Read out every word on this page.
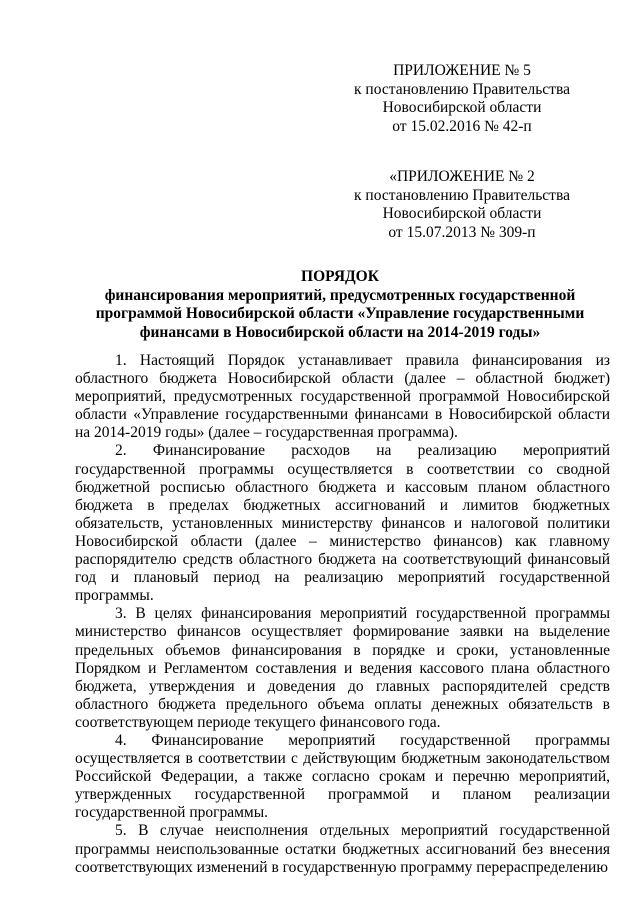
ПРИЛОЖЕНИЕ № 5
к постановлению Правительства
Новосибирской области
от 15.02.2016 № 42-п
«ПРИЛОЖЕНИЕ № 2
к постановлению Правительства
Новосибирской области
от 15.07.2013 № 309-п
ПОРЯДОК
финансирования мероприятий, предусмотренных государственной
программой Новосибирской области «Управление государственными
финансами в Новосибирской области на 2014-2019 годы»

1. Настоящий Порядок устанавливает правила финансирования из областного бюджета Новосибирской области (далее – областной бюджет) мероприятий, предусмотренных государственной программой Новосибирской области «Управление государственными финансами в Новосибирской области на 2014-2019 годы» (далее – государственная программа).

2. Финансирование расходов на реализацию мероприятий государственной программы осуществляется в соответствии со сводной бюджетной росписью областного бюджета и кассовым планом областного бюджета в пределах бюджетных ассигнований и лимитов бюджетных обязательств, установленных министерству финансов и налоговой политики Новосибирской области (далее – министерство финансов) как главному распорядителю средств областного бюджета на соответствующий финансовый год и плановый период на реализацию мероприятий государственной программы.

3. В целях финансирования мероприятий государственной программы министерство финансов осуществляет формирование заявки на выделение предельных объемов финансирования в порядке и сроки, установленные Порядком и Регламентом составления и ведения кассового плана областного бюджета, утверждения и доведения до главных распорядителей средств областного бюджета предельного объема оплаты денежных обязательств в соответствующем периоде текущего финансового года.

4. Финансирование мероприятий государственной программы осуществляется в соответствии с действующим бюджетным законодательством Российской Федерации, а также согласно срокам и перечню мероприятий, утвержденных государственной программой и планом реализации государственной программы.

5. В случае неисполнения отдельных мероприятий государственной программы неиспользованные остатки бюджетных ассигнований без внесения соответствующих изменений в государственную программу перераспределению
